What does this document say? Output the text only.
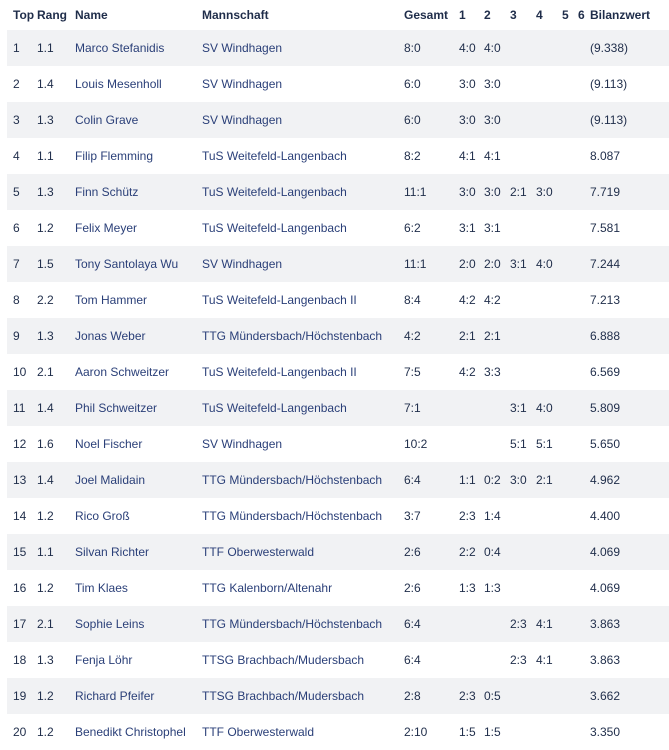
Top	Rang	Name	Mannschaft	Gesamt	1	2	3	4	5	6	Bilanzwert
1	1.1	Marco Stefanidis	SV Windhagen	8:0	4:0	4:0					(9.338)
2	1.4	Louis Mesenholl	SV Windhagen	6:0	3:0	3:0					(9.113)
3	1.3	Colin Grave	SV Windhagen	6:0	3:0	3:0					(9.113)
4	1.1	Filip Flemming	TuS Weitefeld-Langenbach	8:2	4:1	4:1					8.087
5	1.3	Finn Schütz	TuS Weitefeld-Langenbach	11:1	3:0	3:0	2:1	3:0			7.719
6	1.2	Felix Meyer	TuS Weitefeld-Langenbach	6:2	3:1	3:1					7.581
7	1.5	Tony Santolaya Wu	SV Windhagen	11:1	2:0	2:0	3:1	4:0			7.244
8	2.2	Tom Hammer	TuS Weitefeld-Langenbach II	8:4	4:2	4:2					7.213
9	1.3	Jonas Weber	TTG Mündersbach/Höchstenbach	4:2	2:1	2:1					6.888
10	2.1	Aaron Schweitzer	TuS Weitefeld-Langenbach II	7:5	4:2	3:3					6.569
11	1.4	Phil Schweitzer	TuS Weitefeld-Langenbach	7:1			3:1	4:0			5.809
12	1.6	Noel Fischer	SV Windhagen	10:2			5:1	5:1			5.650
13	1.4	Joel Malidain	TTG Mündersbach/Höchstenbach	6:4	1:1	0:2	3:0	2:1			4.962
14	1.2	Rico Groß	TTG Mündersbach/Höchstenbach	3:7	2:3	1:4					4.400
15	1.1	Silvan Richter	TTF Oberwesterwald	2:6	2:2	0:4					4.069
16	1.2	Tim Klaes	TTG Kalenborn/Altenahr	2:6	1:3	1:3					4.069
17	2.1	Sophie Leins	TTG Mündersbach/Höchstenbach	6:4			2:3	4:1			3.863
18	1.3	Fenja Löhr	TTSG Brachbach/Mudersbach	6:4			2:3	4:1			3.863
19	1.2	Richard Pfeifer	TTSG Brachbach/Mudersbach	2:8	2:3	0:5					3.662
20	1.2	Benedikt Christophel	TTF Oberwesterwald	2:10	1:5	1:5					3.350
